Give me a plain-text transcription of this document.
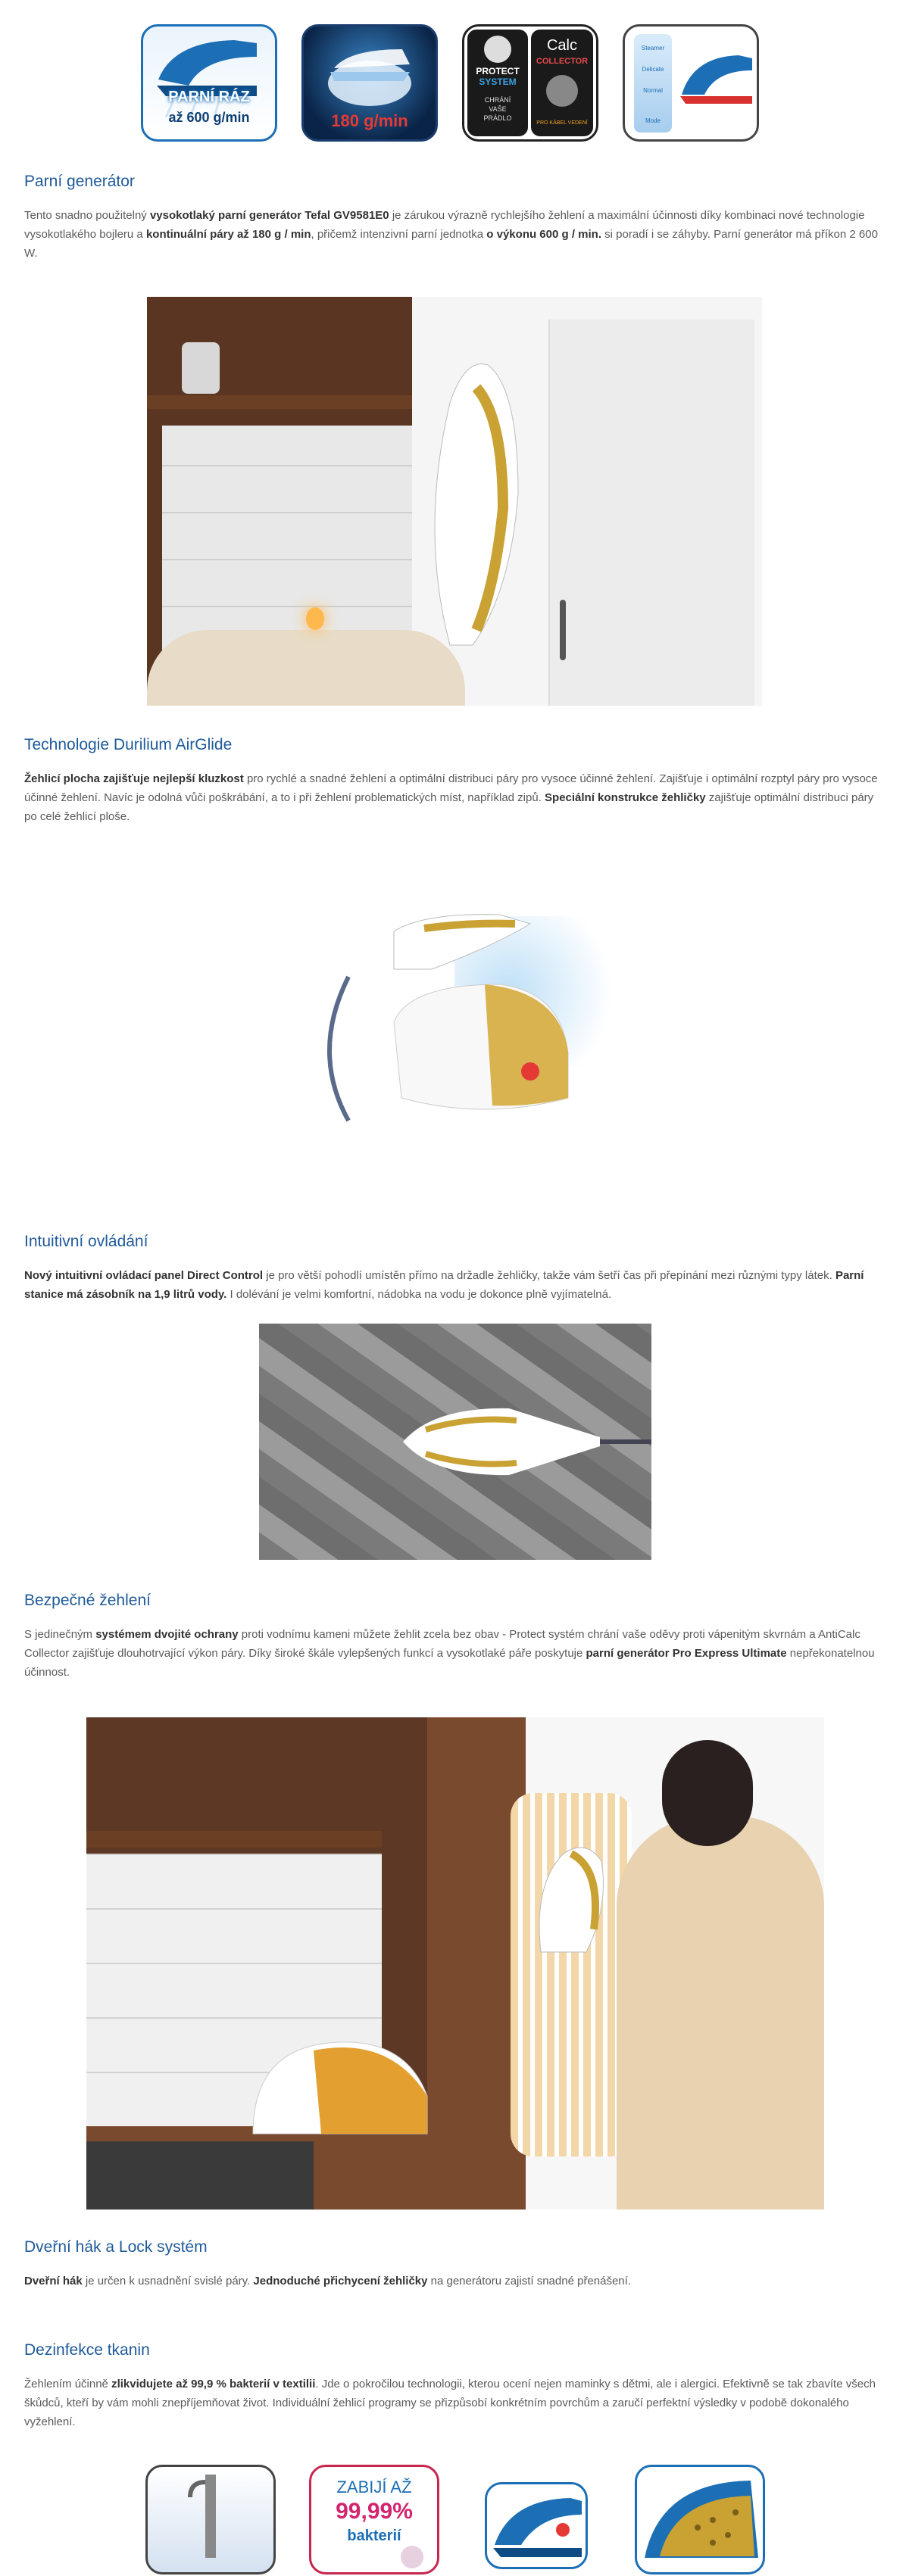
PARNÍ RÁZ
až 600 g/min	180 g/min
PROTECT
SYSTEM
CHRÁNÍ
VAŠE
PRÁDLO
Calc
COLLECTOR
PRO KÁBEL VEDENÍ
Steamer
Delicate
Normal
Mode
Parní generátor

Tento snadno použitelný vysokotlaký parní generátor Tefal GV9581E0 je zárukou výrazně rychlejšího žehlení a maximální účinnosti díky kombinaci nové technologie vysokotlakého bojleru a kontinuální páry až 180 g / min, přičemž intenzivní parní jednotka o výkonu 600 g / min. si poradí i se záhyby. Parní generátor má příkon 2 600 W.

Technologie Durilium AirGlide

Žehlicí plocha zajišťuje nejlepší kluzkost pro rychlé a snadné žehlení a optimální distribuci páry pro vysoce účinné žehlení. Zajišťuje i optimální rozptyl páry pro vysoce účinné žehlení. Navíc je odolná vůči poškrábání, a to i při žehlení problematických míst, například zipů. Speciální konstrukce žehličky zajišťuje optimální distribuci páry po celé žehlicí ploše.

Intuitivní ovládání

Nový intuitivní ovládací panel Direct Control je pro větší pohodlí umístěn přímo na držadle žehličky, takže vám šetří čas při přepínání mezi různými typy látek. Parní stanice má zásobník na 1,9 litrů vody. I dolévání je velmi komfortní, nádobka na vodu je dokonce plně vyjímatelná.

Bezpečné žehlení

S jedinečným systémem dvojité ochrany proti vodnímu kameni můžete žehlit zcela bez obav - Protect systém chrání vaše oděvy proti vápenitým skvrnám a AntiCalc Collector zajišťuje dlouhotrvající výkon páry. Díky široké škále vylepšených funkcí a vysokotlaké páře poskytuje parní generátor Pro Express Ultimate nepřekonatelnou účinnost.

Dveřní hák a Lock systém

Dveřní hák je určen k usnadnění svislé páry. Jednoduché přichycení žehličky na generátoru zajistí snadné přenášení.

Dezinfekce tkanin

Žehlením účinně zlikvidujete až 99,9 % bakterií v textilii. Jde o pokročilou technologii, kterou ocení nejen maminky s dětmi, ale i alergici. Efektivně se tak zbavíte všech škůdců, kteří by vám mohli znepříjemňovat život. Individuální žehlicí programy se přizpůsobí konkrétním povrchům a zaručí perfektní výsledky v podobě dokonalého vyžehlení.

ZABIJÍ AŽ
99,99%
bakterií
